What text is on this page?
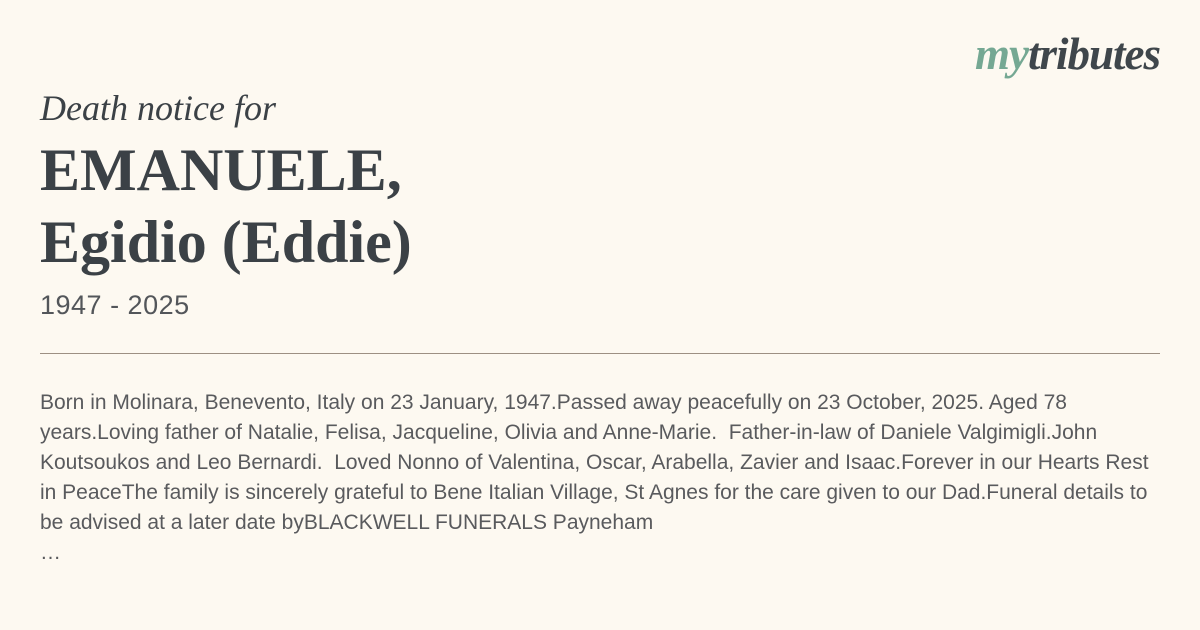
mytributes
Death notice for
EMANUELE,
Egidio (Eddie)
1947 - 2025

Born in Molinara, Benevento, Italy on 23 January, 1947.Passed away peacefully on 23 October, 2025. Aged 78 years.Loving father of Natalie, Felisa, Jacqueline, Olivia and Anne-Marie.  Father-in-law of Daniele Valgimigli.John Koutsoukos and Leo Bernardi.  Loved Nonno of Valentina, Oscar, Arabella, Zavier and Isaac.Forever in our Hearts Rest in PeaceThe family is sincerely grateful to Bene Italian Village, St Agnes for the care given to our Dad.Funeral details to be advised at a later date byBLACKWELL FUNERALS Payneham

…
